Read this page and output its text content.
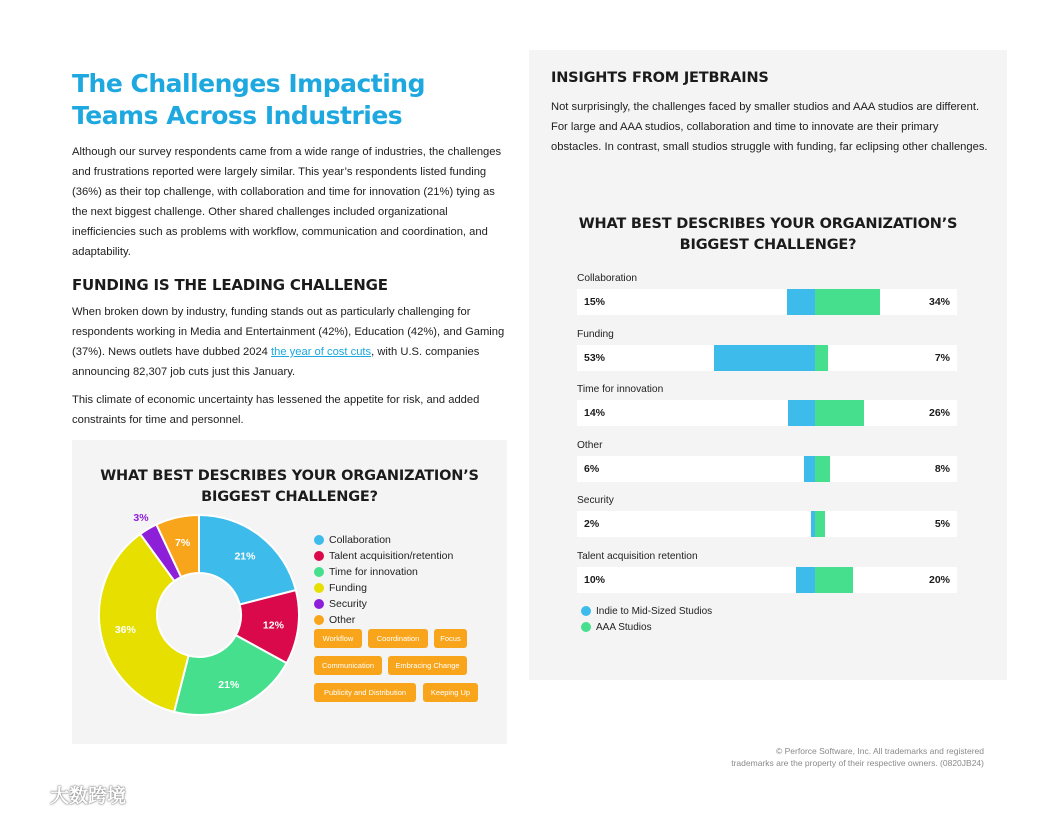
The Challenges Impacting
Teams Across Industries

Although our survey respondents came from a wide range of industries, the challenges and frustrations reported were largely similar. This year’s respondents listed funding (36%) as their top challenge, with collaboration and time for innovation (21%) tying as the next biggest challenge. Other shared challenges included organizational inefficiencies such as problems with workflow, communication and coordination, and adaptability.

FUNDING IS THE LEADING CHALLENGE

When broken down by industry, funding stands out as particularly challenging for respondents working in Media and Entertainment (42%), Education (42%), and Gaming (37%). News outlets have dubbed 2024 the year of cost cuts, with U.S. companies announcing 82,307 job cuts just this January.

This climate of economic uncertainty has lessened the appetite for risk, and added constraints for time and personnel.

WHAT BEST DESCRIBES YOUR ORGANIZATION’S
BIGGEST CHALLENGE?
21%
12%
21%
36%
3%
7%	Collaboration
Talent acquisition/retention
Time for innovation
Funding
Security
Other
Workflow	Coordination	Focus
Communication	Embracing Change
Publicity and Distribution	Keeping Up
INSIGHTS FROM JETBRAINS

Not surprisingly, the challenges faced by smaller studios and AAA studios are different. For large and AAA studios, collaboration and time to innovate are their primary obstacles. In contrast, small studios struggle with funding, far eclipsing other challenges.

WHAT BEST DESCRIBES YOUR ORGANIZATION’S
BIGGEST CHALLENGE?
Collaboration
15%	34%
Funding
53%	7%
Time for innovation
14%	26%
Other
6%	8%
Security
2%	5%
Talent acquisition retention
10%	20%
Indie to Mid-Sized Studios
AAA Studios
© Perforce Software, Inc. All trademarks and registered
trademarks are the property of their respective owners. (0820JB24)
大数跨境
